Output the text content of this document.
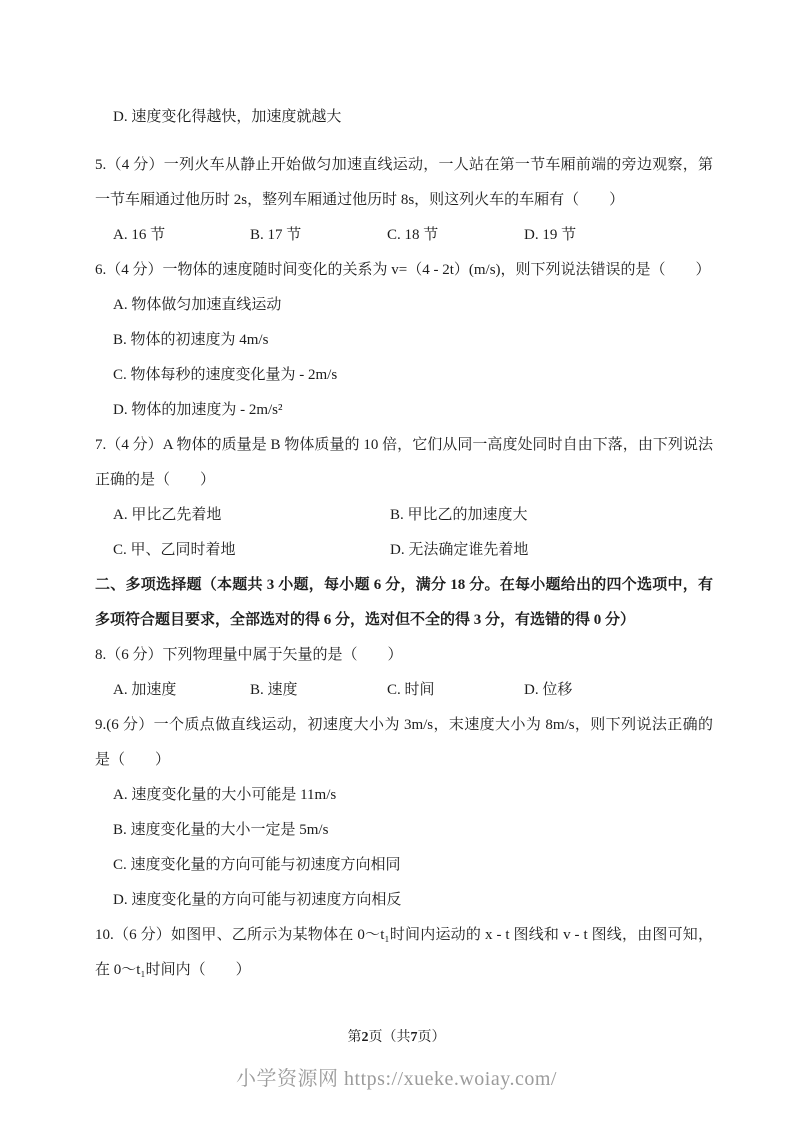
D. 速度变化得越快，加速度就越大
5.（4 分）一列火车从静止开始做匀加速直线运动，一人站在第一节车厢前端的旁边观察，第一节车厢通过他历时 2s，整列车厢通过他历时 8s，则这列火车的车厢有（　　）
A. 16 节	B. 17 节	C. 18 节	D. 19 节
6.（4 分）一物体的速度随时间变化的关系为 v=（4 - 2t）(m/s)，则下列说法错误的是（　　）
A. 物体做匀加速直线运动
B. 物体的初速度为 4m/s
C. 物体每秒的速度变化量为 - 2m/s
D. 物体的加速度为 - 2m/s²
7.（4 分）A 物体的质量是 B 物体质量的 10 倍，它们从同一高度处同时自由下落，由下列说法正确的是（　　）
A. 甲比乙先着地	B. 甲比乙的加速度大
C. 甲、乙同时着地	D. 无法确定谁先着地
二、多项选择题（本题共 3 小题，每小题 6 分，满分 18 分。在每小题给出的四个选项中，有多项符合题目要求，全部选对的得 6 分，选对但不全的得 3 分，有选错的得 0 分）
8.（6 分）下列物理量中属于矢量的是（　　）
A. 加速度	B. 速度	C. 时间	D. 位移
9.(6 分）一个质点做直线运动，初速度大小为 3m/s，末速度大小为 8m/s，则下列说法正确的是（　　）
A. 速度变化量的大小可能是 11m/s
B. 速度变化量的大小一定是 5m/s
C. 速度变化量的方向可能与初速度方向相同
D. 速度变化量的方向可能与初速度方向相反
10.（6 分）如图甲、乙所示为某物体在 0～t₁时间内运动的 x - t 图线和 v - t 图线，由图可知，在 0～t₁时间内（　　）
第2页（共7页）
小学资源网 https://xueke.woiay.com/
